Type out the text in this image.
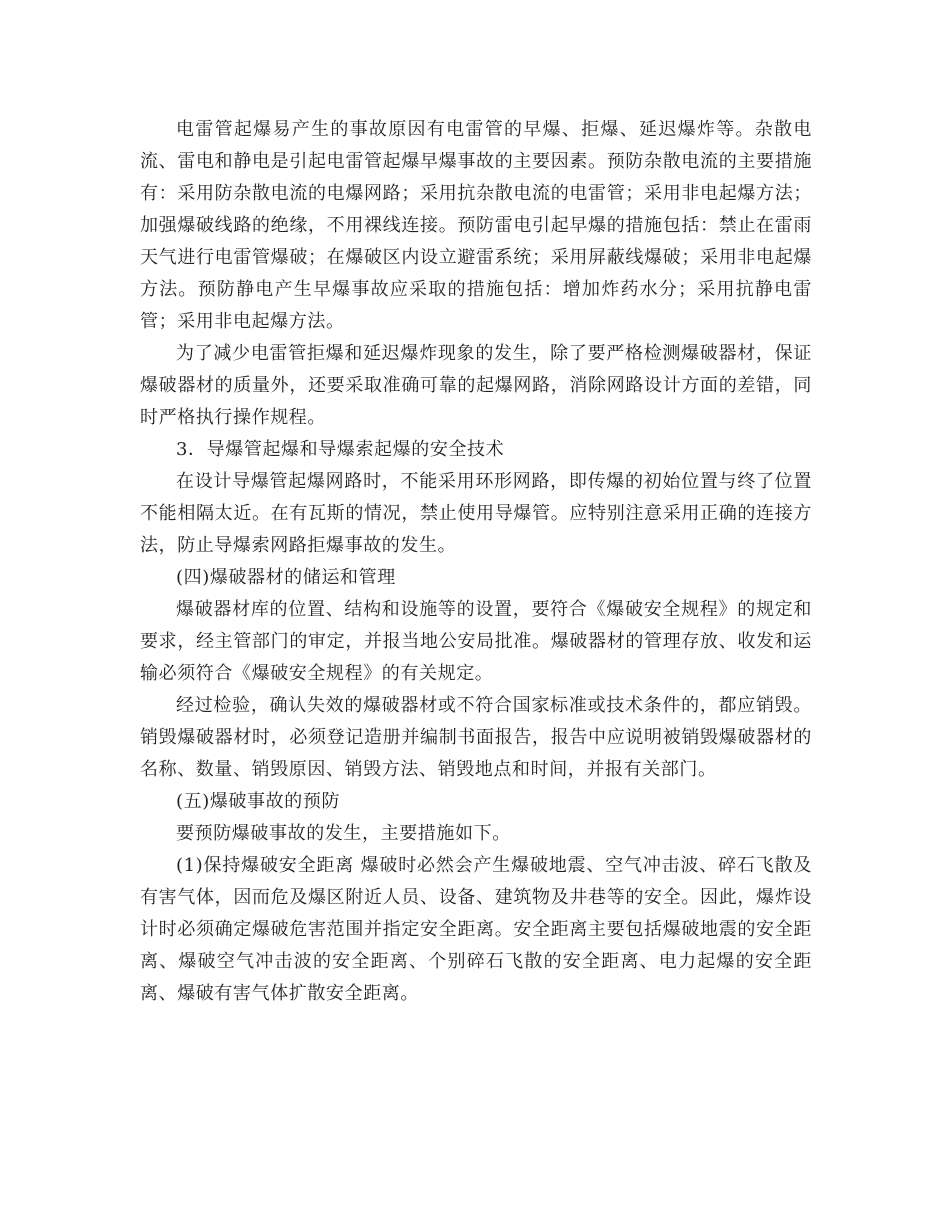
电雷管起爆易产生的事故原因有电雷管的早爆、拒爆、延迟爆炸等。杂散电流、雷电和静电是引起电雷管起爆早爆事故的主要因素。预防杂散电流的主要措施有：采用防杂散电流的电爆网路；采用抗杂散电流的电雷管；采用非电起爆方法；加强爆破线路的绝缘，不用裸线连接。预防雷电引起早爆的措施包括：禁止在雷雨天气进行电雷管爆破；在爆破区内设立避雷系统；采用屏蔽线爆破；采用非电起爆方法。预防静电产生早爆事故应采取的措施包括：增加炸药水分；采用抗静电雷管；采用非电起爆方法。

为了减少电雷管拒爆和延迟爆炸现象的发生，除了要严格检测爆破器材，保证爆破器材的质量外，还要采取准确可靠的起爆网路，消除网路设计方面的差错，同时严格执行操作规程。

3．导爆管起爆和导爆索起爆的安全技术

在设计导爆管起爆网路时，不能采用环形网路，即传爆的初始位置与终了位置不能相隔太近。在有瓦斯的情况，禁止使用导爆管。应特别注意采用正确的连接方法，防止导爆索网路拒爆事故的发生。

(四)爆破器材的储运和管理

爆破器材库的位置、结构和设施等的设置，要符合《爆破安全规程》的规定和要求，经主管部门的审定，并报当地公安局批准。爆破器材的管理存放、收发和运输必须符合《爆破安全规程》的有关规定。

经过检验，确认失效的爆破器材或不符合国家标准或技术条件的，都应销毁。销毁爆破器材时，必须登记造册并编制书面报告，报告中应说明被销毁爆破器材的名称、数量、销毁原因、销毁方法、销毁地点和时间，并报有关部门。

(五)爆破事故的预防

要预防爆破事故的发生，主要措施如下。

(1)保持爆破安全距离 爆破时必然会产生爆破地震、空气冲击波、碎石飞散及有害气体，因而危及爆区附近人员、设备、建筑物及井巷等的安全。因此，爆炸设计时必须确定爆破危害范围并指定安全距离。安全距离主要包括爆破地震的安全距离、爆破空气冲击波的安全距离、个别碎石飞散的安全距离、电力起爆的安全距离、爆破有害气体扩散安全距离。
